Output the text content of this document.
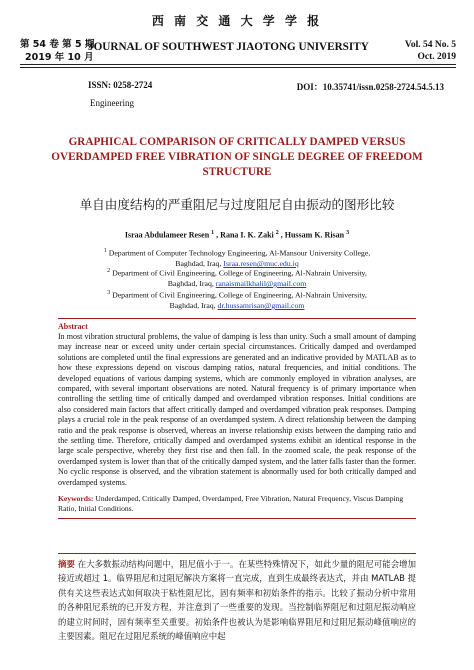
西 南 交 通 大 学 学 报
第 54 卷 第 5 期
2019 年 10 月
JOURNAL OF SOUTHWEST JIAOTONG UNIVERSITY	Vol. 54 No. 5
Oct. 2019
ISSN: 0258-2724	DOI：10.35741/issn.0258-2724.54.5.13
Engineering
GRAPHICAL COMPARISON OF CRITICALLY DAMPED VERSUS OVERDAMPED FREE VIBRATION OF SINGLE DEGREE OF FREEDOM STRUCTURE
单自由度结构的严重阻尼与过度阻尼自由振动的图形比较
Israa Abdulameer Resen $^1$ , Rana I. K. Zaki $^2$ , Hussam K. Risan $^3$
$^1$ Department of Computer Technology Engineering, Al-Mansour University College,
Baghdad, Iraq, Israa.resen@muc.edu.iq
$^2$ Department of Civil Engineering, College of Engineering, Al-Nahrain University,
Baghdad, Iraq, ranaismailkhalil@gmail.com
$^3$ Department of Civil Engineering, College of Engineering, Al-Nahrain University,
Baghdad, Iraq, dr.hussamrisan@gmail.com
Abstract
In most vibration structural problems, the value of damping is less than unity. Such a small amount of damping may increase near or exceed unity under certain special circumstances. Critically damped and overdamped solutions are completed until the final expressions are generated and an indicative provided by MATLAB as to how these expressions depend on viscous damping ratios, natural frequencies, and initial conditions. The developed equations of various damping systems, which are commonly employed in vibration analyses, are compared, with several important observations are noted. Natural frequency is of primary importance when controlling the settling time of critically damped and overdamped vibration responses. Initial conditions are also considered main factors that affect critically damped and overdamped vibration peak responses. Damping plays a crucial role in the peak response of an overdamped system. A direct relationship between the damping ratio and the peak response is observed, whereas an inverse relationship exists between the damping ratio and the settling time. Therefore, critically damped and overdamped systems exhibit an identical response in the large scale perspective, whereby they first rise and then fall. In the zoomed scale, the peak response of the overdamped system is lower than that of the critically damped system, and the latter falls faster than the former. No cyclic response is observed, and the vibration statement is abnormally used for both critically damped and overdamped systems.
Keywords: Underdamped, Critically Damped, Overdamped, Free Vibration, Natural Frequency, Viscus Damping Ratio, Initial Conditions.
摘要 在大多数振动结构问题中，阻尼值小于一。在某些特殊情况下，如此少量的阻尼可能会增加接近或超过 1。临界阻尼和过阻尼解决方案将一直完成，直到生成最终表达式，并由 MATLAB 提供有关这些表达式如何取决于粘性阻尼比，固有频率和初始条件的指示。比较了振动分析中常用的各种阻尼系统的已开发方程，并注意到了一些重要的发现。当控制临界阻尼和过阻尼振动响应的建立时间时，固有频率至关重要。初始条件也被认为是影响临界阻尼和过阻尼振动峰值响应的主要因素。阻尼在过阻尼系统的峰值响应中起
